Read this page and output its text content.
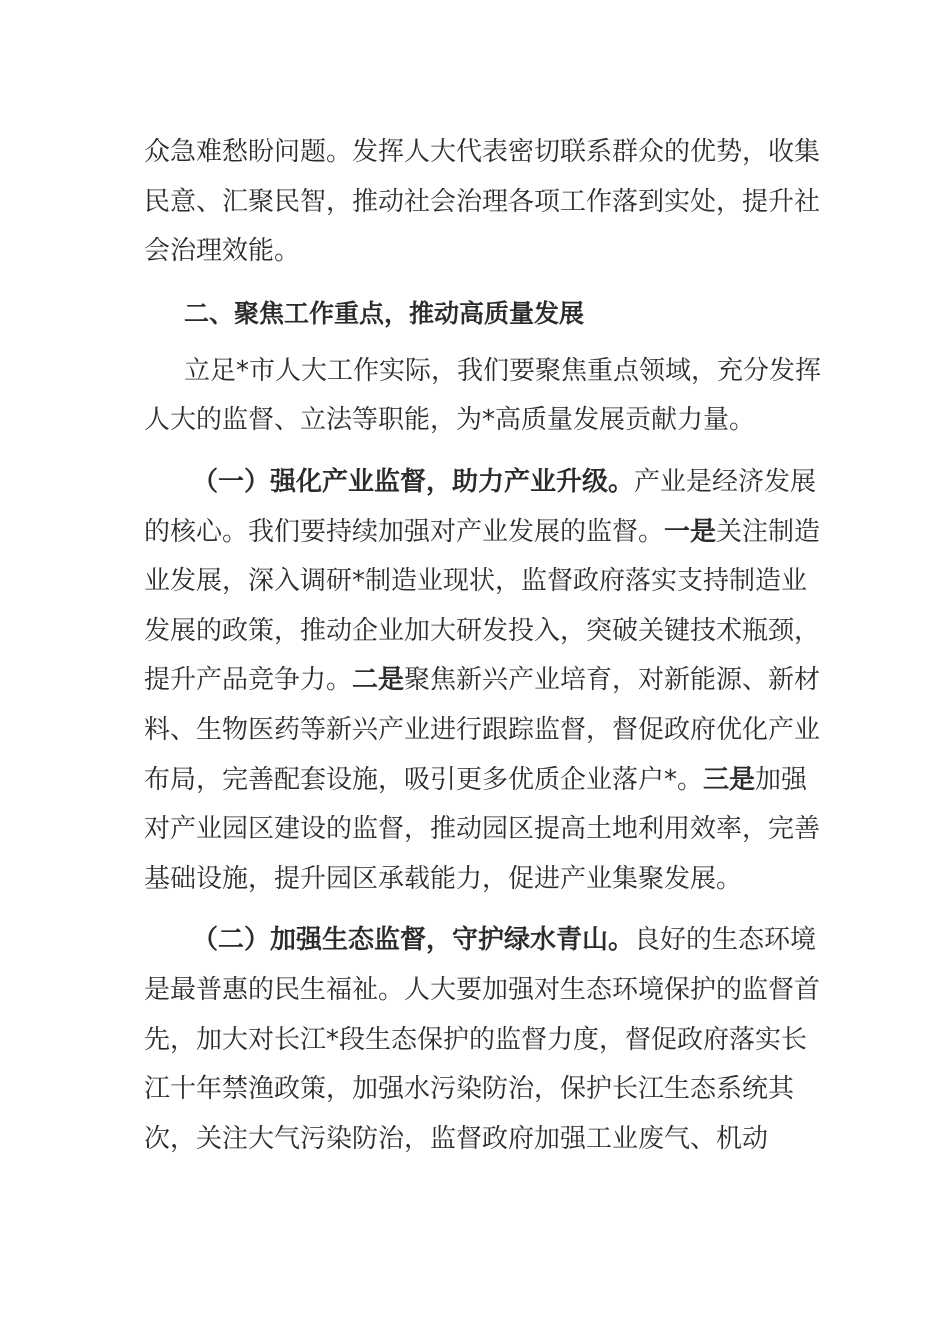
众急难愁盼问题。发挥人大代表密切联系群众的优势，收集民意、汇聚民智，推动社会治理各项工作落到实处，提升社会治理效能。

二、聚焦工作重点，推动高质量发展

立足*市人大工作实际，我们要聚焦重点领域，充分发挥人大的监督、立法等职能，为*高质量发展贡献力量。

（一）强化产业监督，助力产业升级。产业是经济发展的核心。我们要持续加强对产业发展的监督。一是关注制造业发展，深入调研*制造业现状，监督政府落实支持制造业发展的政策，推动企业加大研发投入，突破关键技术瓶颈，提升产品竞争力。二是聚焦新兴产业培育，对新能源、新材料、生物医药等新兴产业进行跟踪监督，督促政府优化产业布局，完善配套设施，吸引更多优质企业落户*。三是加强对产业园区建设的监督，推动园区提高土地利用效率，完善基础设施，提升园区承载能力，促进产业集聚发展。

（二）加强生态监督，守护绿水青山。良好的生态环境是最普惠的民生福祉。人大要加强对生态环境保护的监督首先，加大对长江*段生态保护的监督力度，督促政府落实长江十年禁渔政策，加强水污染防治，保护长江生态系统其次，关注大气污染防治，监督政府加强工业废气、机动
